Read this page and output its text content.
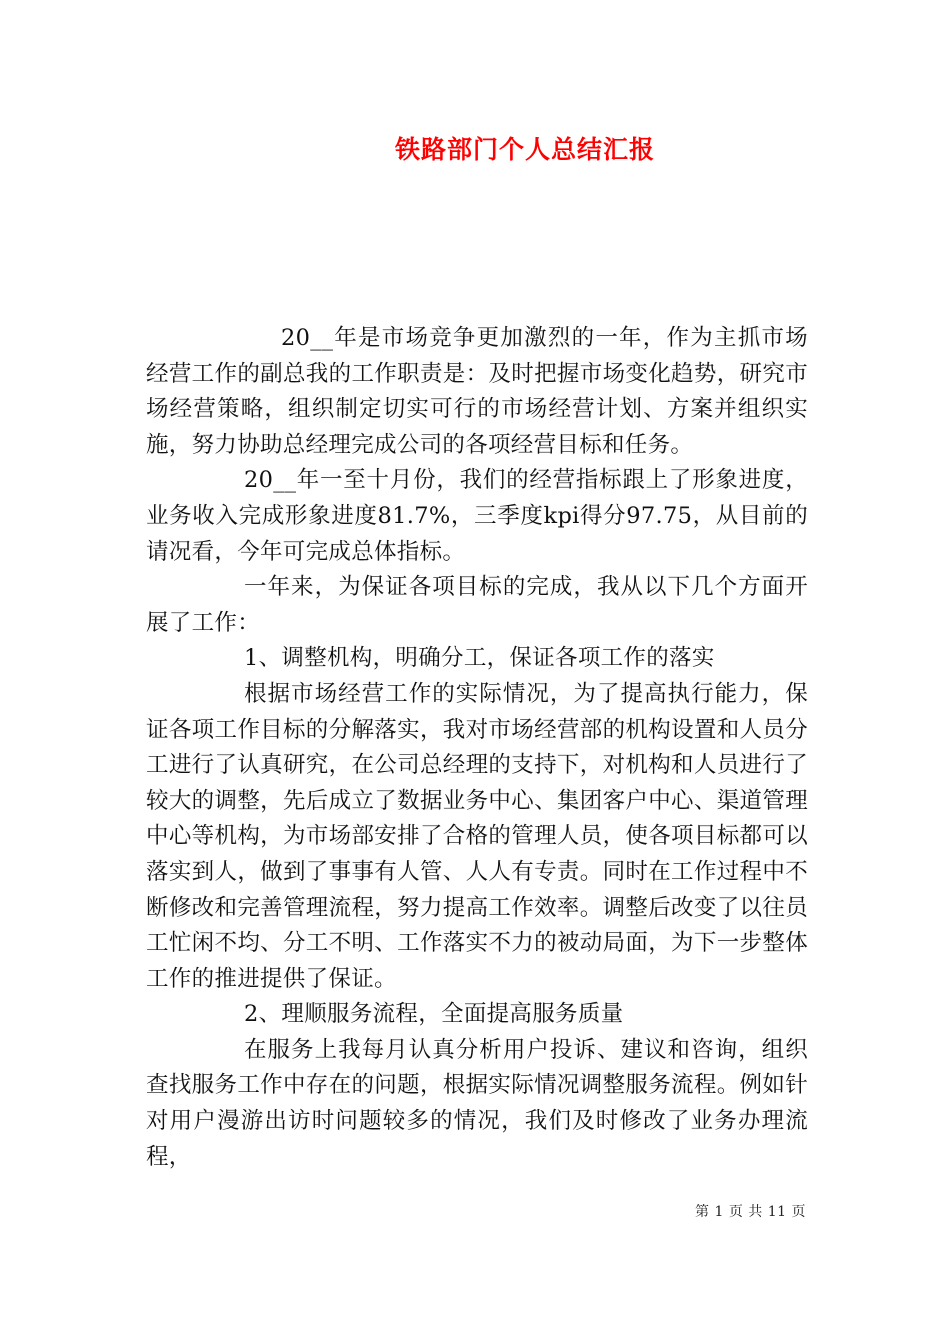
铁路部门个人总结汇报

20__年是市场竞争更加激烈的一年，作为主抓市场经营工作的副总我的工作职责是：及时把握市场变化趋势，研究市场经营策略，组织制定切实可行的市场经营计划、方案并组织实施，努力协助总经理完成公司的各项经营目标和任务。

20__年一至十月份，我们的经营指标跟上了形象进度，业务收入完成形象进度81.7%，三季度kpi得分97.75，从目前的请况看，今年可完成总体指标。

一年来，为保证各项目标的完成，我从以下几个方面开展了工作：

1、调整机构，明确分工，保证各项工作的落实

根据市场经营工作的实际情况，为了提高执行能力，保证各项工作目标的分解落实，我对市场经营部的机构设置和人员分工进行了认真研究，在公司总经理的支持下，对机构和人员进行了较大的调整，先后成立了数据业务中心、集团客户中心、渠道管理中心等机构，为市场部安排了合格的管理人员，使各项目标都可以落实到人，做到了事事有人管、人人有专责。同时在工作过程中不断修改和完善管理流程，努力提高工作效率。调整后改变了以往员工忙闲不均、分工不明、工作落实不力的被动局面，为下一步整体工作的推进提供了保证。

2、理顺服务流程，全面提高服务质量

在服务上我每月认真分析用户投诉、建议和咨询，组织查找服务工作中存在的问题，根据实际情况调整服务流程。例如针对用户漫游出访时问题较多的情况，我们及时修改了业务办理流程，

第 1 页 共 11 页
